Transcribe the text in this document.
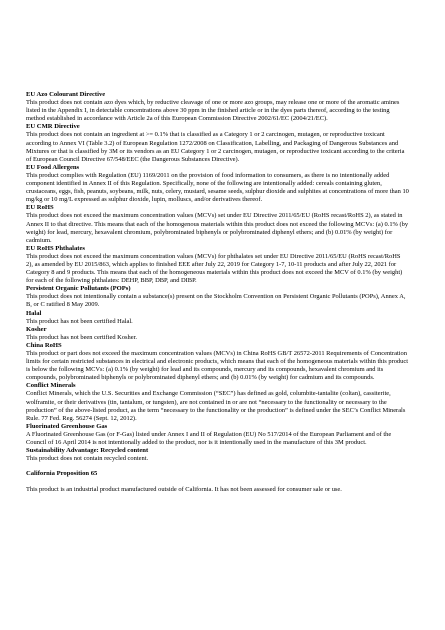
EU Azo Colourant Directive

This product does not contain azo dyes which, by reductive cleavage of one or more azo groups, may release one or more of the aromatic amines listed in the Appendix I, in detectable concentrations above 30 ppm in the finished article or in the dyes parts thereof, according to the testing method established in accordance with Article 2a of this European Commission Directive 2002/61/EC (2004/21/EC).

EU CMR Directive

This product does not contain an ingredient at >= 0.1% that is classified as a Category 1 or 2 carcinogen, mutagen, or reproductive toxicant according to Annex VI (Table 3.2) of European Regulation 1272/2008 on Classification, Labelling, and Packaging of Dangerous Substances and Mixtures or that is classified by 3M or its vendors as an EU Category 1 or 2 carcinogen, mutagen, or reproductive toxicant according to the criteria of European Council Directive 67/548/EEC (the Dangerous Substances Directive).

EU Food Allergens

This product complies with Regulation (EU) 1169/2011 on the provision of food information to consumers, as there is no intentionally added component identified in Annex II of this Regulation. Specifically, none of the following are intentionally added: cereals containing gluten, crustaceans, eggs, fish, peanuts, soybeans, milk, nuts, celery, mustard, sesame seeds, sulphur dioxide and sulphites at concentrations of more than 10 mg/kg or 10 mg/L expressed as sulphur dioxide, lupin, molluscs, and/or derivatives thereof.

EU RoHS

This product does not exceed the maximum concentration values (MCVs) set under EU Directive 2011/65/EU (RoHS recast/RoHS 2), as stated in Annex II to that directive. This means that each of the homogenous materials within this product does not exceed the following MCVs: (a) 0.1% (by weight) for lead, mercury, hexavalent chromium, polybrominated biphenyls or polybrominated diphenyl ethers; and (b) 0.01% (by weight) for cadmium.

EU RoHS Phthalates

This product does not exceed the maximum concentration values (MCVs) for phthalates set under EU Directive 2011/65/EU (RoHS recast/RoHS 2), as amended by EU 2015/863, which applies to finished EEE after July 22, 2019 for Category 1-7, 10-11 products and after July 22, 2021 for Category 8 and 9 products. This means that each of the homogeneous materials within this product does not exceed the MCV of 0.1% (by weight) for each of the following phthalates: DEHP, BBP, DBP, and DIBP.

Persistent Organic Pollutants (POPs)

This product does not intentionally contain a substance(s) present on the Stockholm Convention on Persistent Organic Pollutants (POPs), Annex A, B, or C ratified 8 May 2009.

Halal

This product has not been certified Halal.

Kosher

This product has not been certified Kosher.

China RoHS

This product or part does not exceed the maximum concentration values (MCVs) in China RoHS GB/T 26572-2011 Requirements of Concentration limits for certain restricted substances in electrical and electronic products, which means that each of the homogeneous materials within this product is below the following MCVs: (a) 0.1% (by weight) for lead and its compounds, mercury and its compounds, hexavalent chromium and its compounds, polybrominated biphenyls or polybrominated diphenyl ethers; and (b) 0.01% (by weight) for cadmium and its compounds.

Conflict Minerals

Conflict Minerals, which the U.S. Securities and Exchange Commission (“SEC”) has defined as gold, columbite-tantalite (coltan), cassiterite, wolframite, or their derivatives (tin, tantalum, or tungsten), are not contained in or are not “necessary to the functionality or necessary to the production” of the above-listed product, as the term “necessary to the functionality or the production” is defined under the SEC’s Conflict Minerals Rule. 77 Fed. Reg. 56274 (Sept. 12, 2012).

Fluorinated Greenhouse Gas

A Fluorinated Greenhouse Gas (or F-Gas) listed under Annex I and II of Regulation (EU) No 517/2014 of the European Parliament and of the Council of 16 April 2014 is not intentionally added to the product, nor is it intentionally used in the manufacture of this 3M product.

Sustainability Advantage: Recycled content

This product does not contain recycled content.

California Proposition 65

This product is an industrial product manufactured outside of California. It has not been assessed for consumer sale or use.
